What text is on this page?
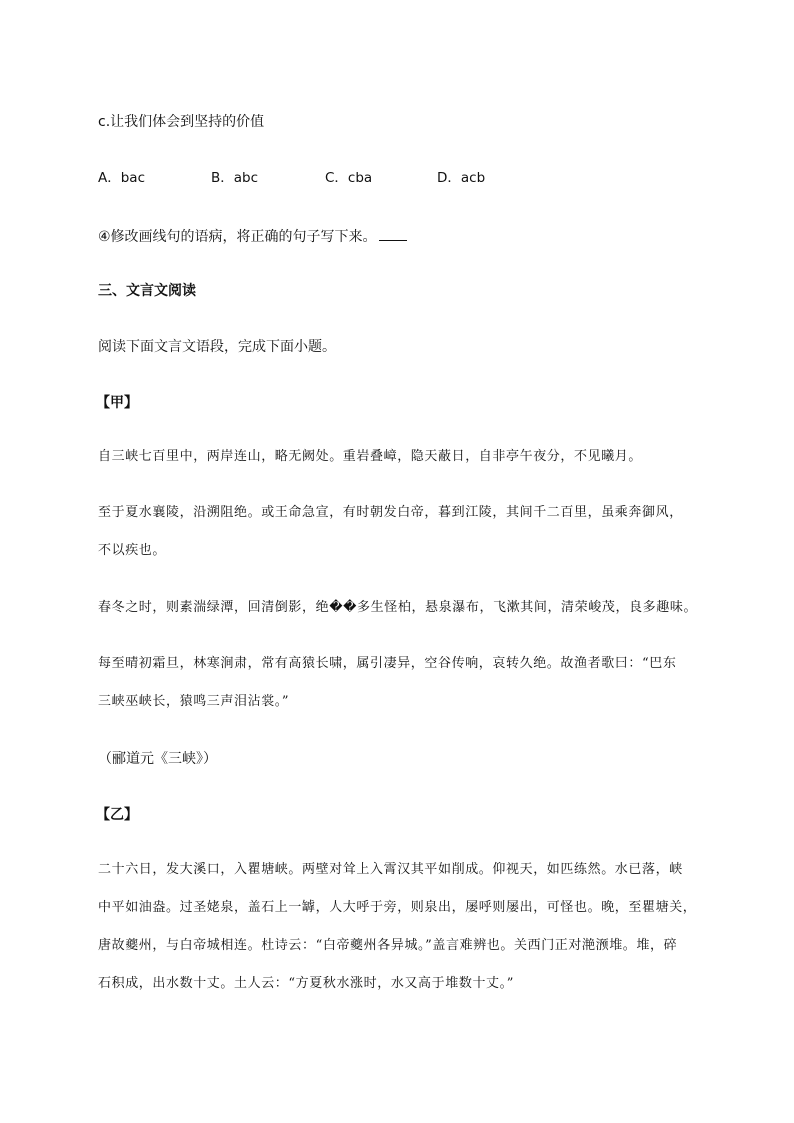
c.让我们体会到坚持的价值
A．bac	B．abc	C．cba	D．acb
④修改画线句的语病，将正确的句子写下来。
三、文言文阅读
阅读下面文言文语段，完成下面小题。
【甲】
自三峡七百里中，两岸连山，略无阙处。重岩叠嶂，隐天蔽日，自非亭午夜分，不见曦月。
至于夏水襄陵，沿溯阻绝。或王命急宣，有时朝发白帝，暮到江陵，其间千二百里，虽乘奔御风，
不以疾也。
春冬之时，则素湍绿潭，回清倒影，绝��多生怪柏，悬泉瀑布，飞漱其间，清荣峻茂，良多趣味。
每至晴初霜旦，林寒涧肃，常有高猿长啸，属引凄异，空谷传响，哀转久绝。故渔者歌曰：“巴东
三峡巫峡长，猿鸣三声泪沾裳。”
（郦道元《三峡》）
【乙】
二十六日，发大溪口，入瞿塘峡。两壁对耸上入霄汉其平如削成。仰视天，如匹练然。水已落，峡
中平如油盎。过圣姥泉，盖石上一罅，人大呼于旁，则泉出，屡呼则屡出，可怪也。晚，至瞿塘关，
唐故夔州，与白帝城相连。杜诗云：“白帝夔州各异城。”盖言难辨也。关西门正对滟滪堆。堆，碎
石积成，出水数十丈。土人云：“方夏秋水涨时，水又高于堆数十丈。”
